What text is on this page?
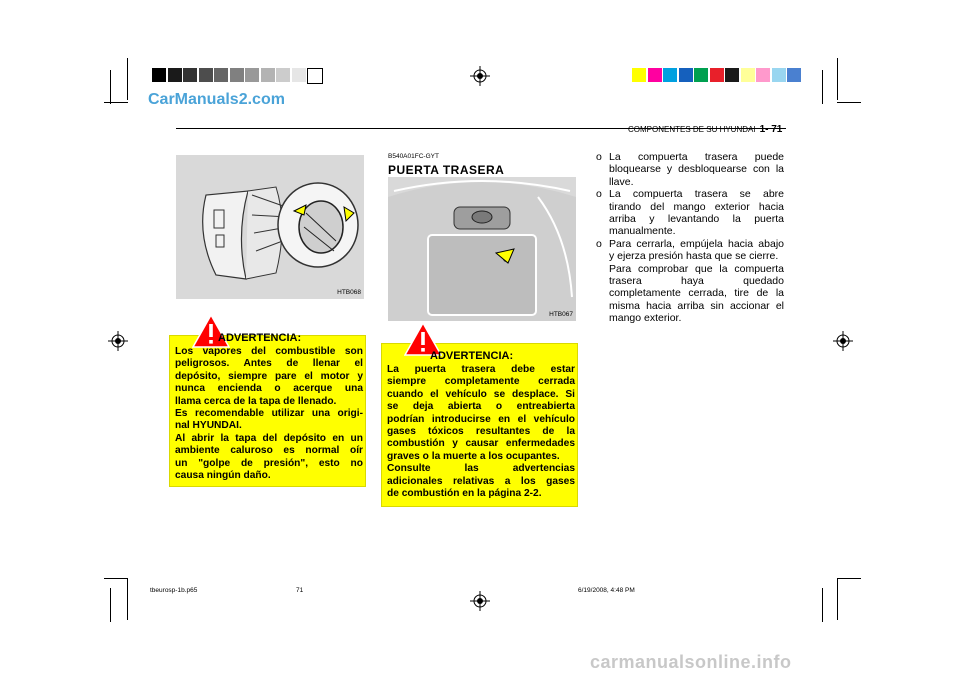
CarManuals2.com
COMPONENTES DE SU HYUNDAI 1- 71
HTB068
ADVERTENCIA:
Los vapores del combustible son
peligrosos. Antes de llenar el
depósito, siempre pare el motor y
nunca encienda o acerque una
llama cerca de la tapa de llenado.
Es recomendable utilizar una origi-
nal HYUNDAI.
Al abrir la tapa del depósito en un
ambiente caluroso es normal oír
un "golpe de presión", esto no
causa ningún daño.
B540A01FC-GYT
PUERTA TRASERA
HTB067
ADVERTENCIA:
La puerta trasera debe estar
siempre completamente cerrada
cuando el vehículo se desplace. Si
se deja abierta o entreabierta
podrían introducirse en el vehículo
gases tóxicos resultantes de la
combustión y causar enfermedades
graves o la muerte a los ocupantes.
Consulte las advertencias
adicionales relativas a los gases
de combustión en la página 2-2.
o La compuerta trasera puede
bloquearse y desbloquearse con la
llave.
o La compuerta trasera se abre
tirando del mango exterior hacia
arriba y levantando la puerta
manualmente.
o Para cerrarla, empújela hacia abajo
y ejerza presión hasta que se cierre.
Para comprobar que la compuerta
trasera haya quedado
completamente cerrada, tire de la
misma hacia arriba sin accionar el
mango exterior.
tbeurosp-1b.p65	71	6/19/2008, 4:48 PM
carmanualsonline.info
